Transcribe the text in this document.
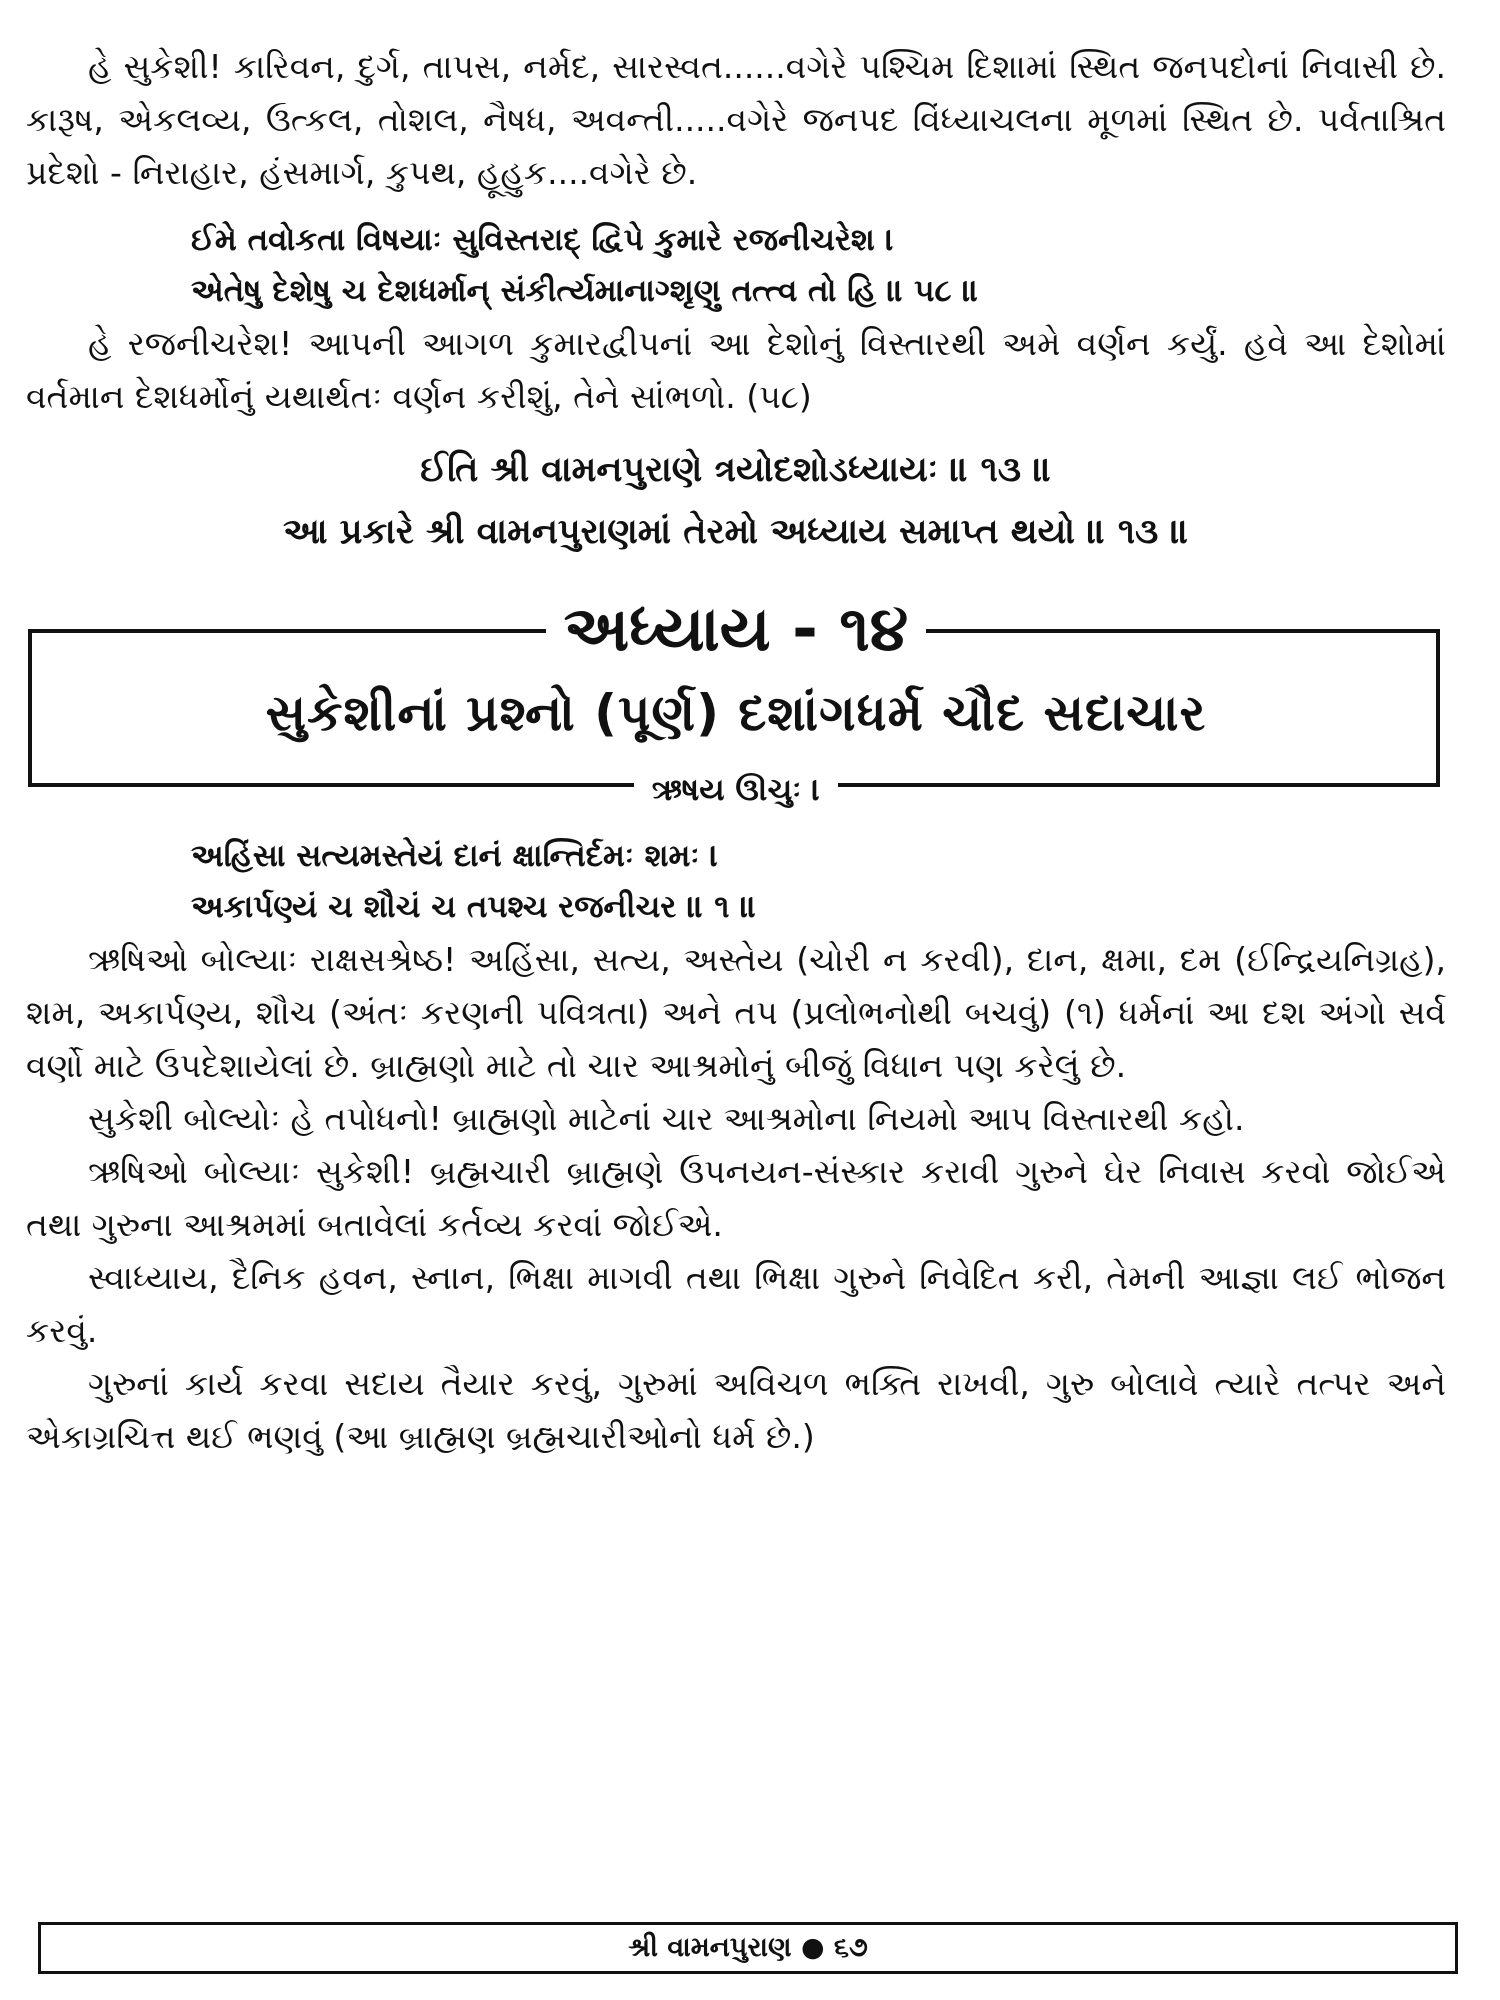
હે સુકેશી! કારિવન, દુર્ગ, તાપસ, નર્મદ, સારસ્વત......વગેરે પશ્ચિમ દિશામાં સ્થિત જનપદોનાં નિવાસી છે. કારૂષ, એકલવ્ય, ઉત્કલ, તોશલ, નૈષધ, અવન્તી.....વગેરે જનપદ વિંધ્યાચલના મૂળમાં સ્થિત છે. પર્વતાશ્રિત પ્રદેશો - નિરાહાર, હંસમાર્ગ, કુપથ, હૂહુક....વગેરે છે.

ઈમે તવોકતા વિષયાઃ સુવિસ્તરાદ્ દ્વિપે કુમારે રજનીચરેશ ।
એતેષુ દેશેષુ ચ દેશધર્માન્ સંકીર્ત્યમાનાગ્શૃણુ તત્ત્વ તો હિ ॥ ૫૮ ॥

હે રજનીચરેશ! આપની આગળ કુમારદ્વીપનાં આ દેશોનું વિસ્તારથી અમે વર્ણન કર્યું. હવે આ દેશોમાં વર્તમાન દેશધર્મોનું યથાર્થતઃ વર્ણન કરીશું, તેને સાંભળો. (૫૮)

ઈતિ શ્રી વામનપુરાણે ત્રયોદશોડધ્યાયઃ ॥ ૧૩ ॥

આ પ્રકારે શ્રી વામનપુરાણમાં તેરમો અધ્યાય સમાપ્ત થયો ॥ ૧૩ ॥

અધ્યાય - ૧૪
સુકેશીનાં પ્રશ્નો (પૂર્ણ) દશાંગધર્મ ચૌદ સદાચાર
ઋષય ઊચુઃ ।
અહિંસા સત્યમસ્તેયં દાનં ક્ષાન્તિર્દમઃ શમઃ ।
અકાર્પણ્યં ચ શૌચં ચ તપશ્ચ રજનીચર ॥ ૧ ॥

ઋષિઓ બોલ્યાઃ રાક્ષસશ્રેષ્ઠ! અહિંસા, સત્ય, અસ્તેય (ચોરી ન કરવી), દાન, ક્ષમા, દમ (ઈન્દ્રિયનિગ્રહ), શમ, અકાર્પણ્ય, શૌચ (અંતઃ કરણની પવિત્રતા) અને તપ (પ્રલોભનોથી બચવું) (૧) ધર્મનાં આ દશ અંગો સર્વ વર્ણો માટે ઉપદેશાયેલાં છે. બ્રાહ્મણો માટે તો ચાર આશ્રમોનું બીજું વિધાન પણ કરેલું છે.

સુકેશી બોલ્યોઃ હે તપોધનો! બ્રાહ્મણો માટેનાં ચાર આશ્રમોના નિયમો આપ વિસ્તારથી કહો.

ઋષિઓ બોલ્યાઃ સુકેશી! બ્રહ્મચારી બ્રાહ્મણે ઉપનયન-સંસ્કાર કરાવી ગુરુને ઘેર નિવાસ કરવો જોઈએ તથા ગુરુના આશ્રમમાં બતાવેલાં કર્તવ્ય કરવાં જોઈએ.

સ્વાધ્યાય, દૈનિક હવન, સ્નાન, ભિક્ષા માગવી તથા ભિક્ષા ગુરુને નિવેદિત કરી, તેમની આજ્ઞા લઈ ભોજન કરવું.

ગુરુનાં કાર્ય કરવા સદાય તૈયાર કરવું, ગુરુમાં અવિચળ ભક્તિ રાખવી, ગુરુ બોલાવે ત્યારે તત્પર અને એકાગ્રચિત્ત થઈ ભણવું (આ બ્રાહ્મણ બ્રહ્મચારીઓનો ધર્મ છે.)

શ્રી વામનપુરાણ ● ૬૭
